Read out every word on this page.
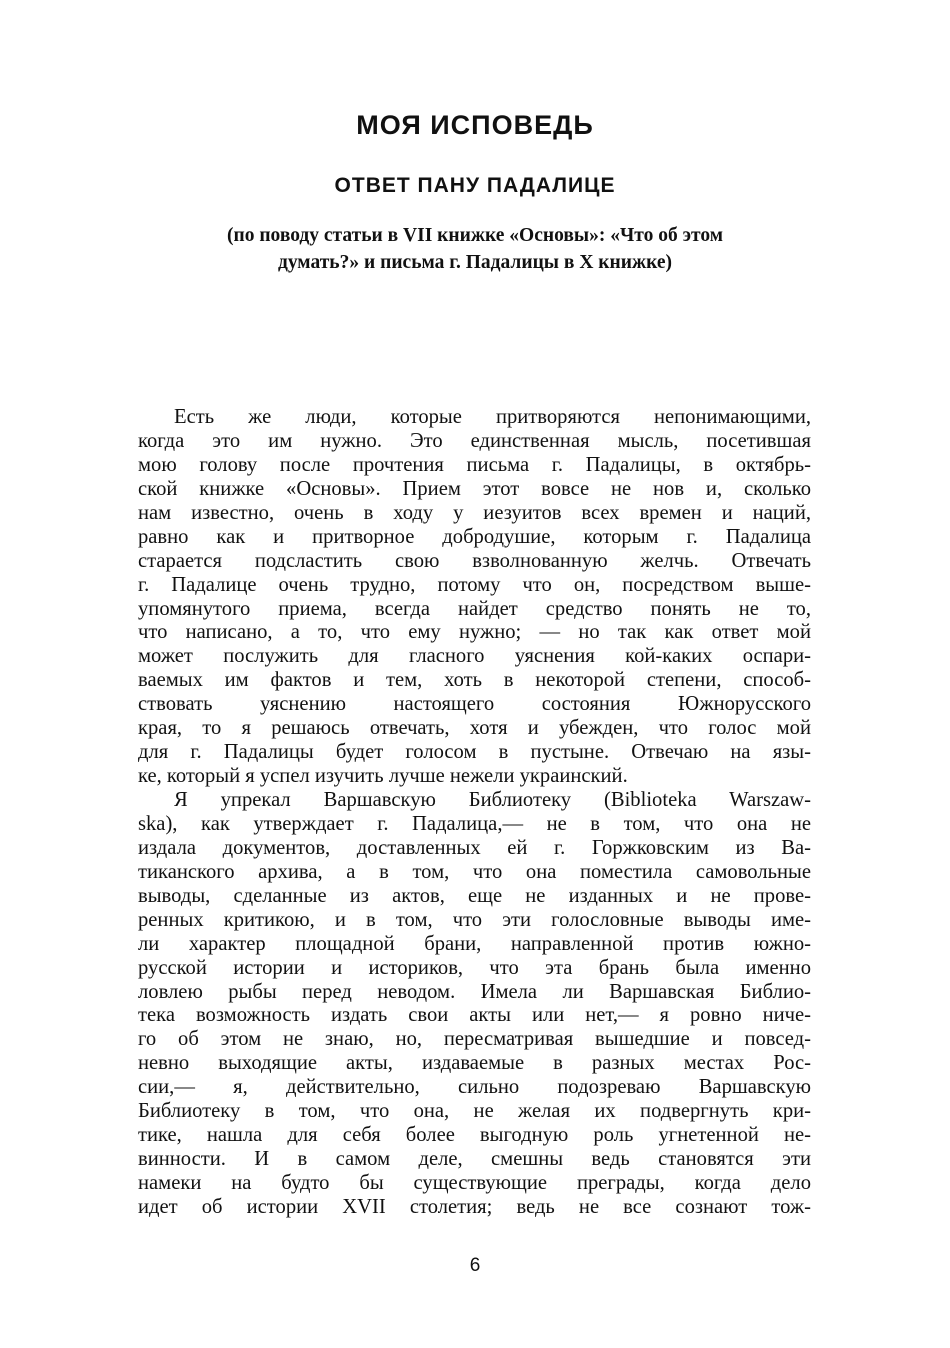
МОЯ ИСПОВЕДЬ
ОТВЕТ ПАНУ ПАДАЛИЦЕ

(по поводу статьи в VII книжке «Основы»: «Что об этом
думать?» и письма г. Падалицы в X книжке)

Есть же люди, которые притворяются непонимающими,
когда это им нужно. Это единственная мысль, посетившая
мою голову после прочтения письма г. Падалицы, в октябрь-
ской книжке «Основы». Прием этот вовсе не нов и, сколько
нам известно, очень в ходу у иезуитов всех времен и наций,
равно как и притворное добродушие, которым г. Падалица
старается подсластить свою взволнованную желчь. Отвечать
г. Падалице очень трудно, потому что он, посредством выше-
упомянутого приема, всегда найдет средство понять не то,
что написано, а то, что ему нужно; — но так как ответ мой
может послужить для гласного уяснения кой-каких оспари-
ваемых им фактов и тем, хоть в некоторой степени, способ-
ствовать уяснению настоящего состояния Южнорусского
края, то я решаюсь отвечать, хотя и убежден, что голос мой
для г. Падалицы будет голосом в пустыне. Отвечаю на язы-
ке, который я успел изучить лучше нежели украинский.

Я упрекал Варшавскую Библиотеку (Biblioteka Warszaw-
ska), как утверждает г. Падалица,— не в том, что она не
издала документов, доставленных ей г. Горжковским из Ва-
тиканского архива, а в том, что она поместила самовольные
выводы, сделанные из актов, еще не изданных и не прове-
ренных критикою, и в том, что эти голословные выводы име-
ли характер площадной брани, направленной против южно-
русской истории и историков, что эта брань была именно
ловлею рыбы перед неводом. Имела ли Варшавская Библио-
тека возможность издать свои акты или нет,— я ровно ниче-
го об этом не знаю, но, пересматривая вышедшие и повсед-
невно выходящие акты, издаваемые в разных местах Рос-
сии,— я, действительно, сильно подозреваю Варшавскую
Библиотеку в том, что она, не желая их подвергнуть кри-
тике, нашла для себя более выгодную роль угнетенной не-
винности. И в самом деле, смешны ведь становятся эти
намеки на будто бы существующие преграды, когда дело
идет об истории XVII столетия; ведь не все сознают тож-

6
